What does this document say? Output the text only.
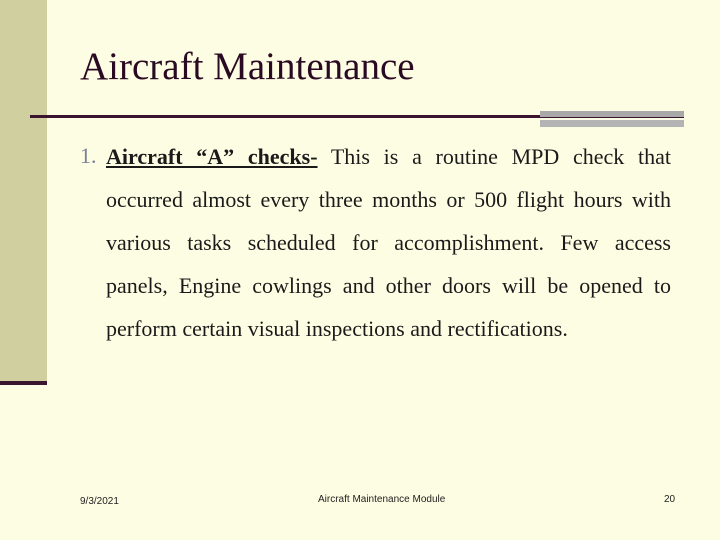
Aircraft Maintenance
1. Aircraft “A” checks- This is a routine MPD check that occurred almost every three months or 500 flight hours with various tasks scheduled for accomplishment. Few access panels, Engine cowlings and other doors will be opened to perform certain visual inspections and rectifications.
9/3/2021	Aircraft Maintenance Module	20
